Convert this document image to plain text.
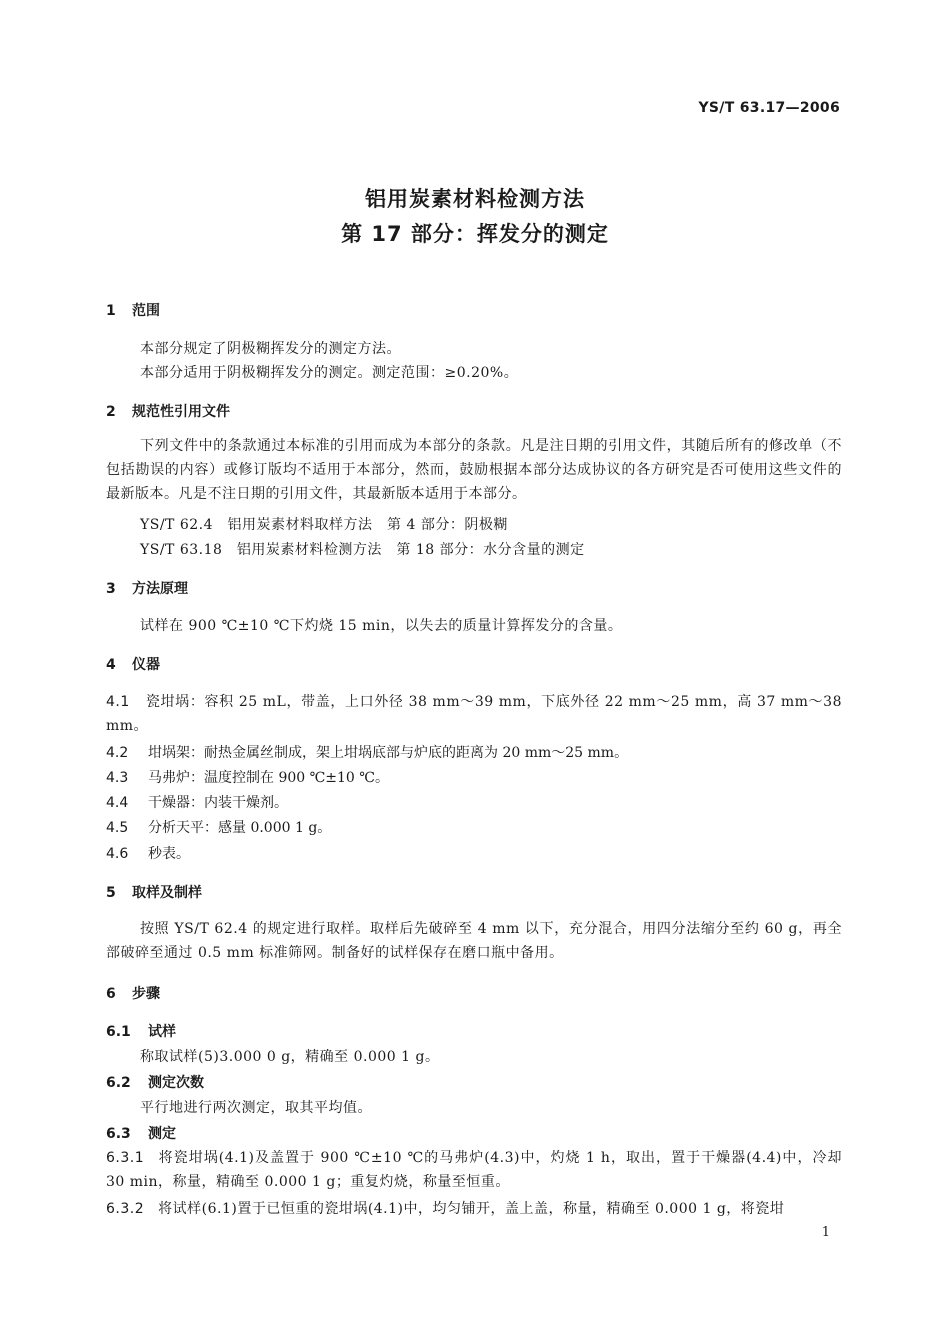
YS/T 63.17—2006
铝用炭素材料检测方法
第 17 部分：挥发分的测定
1 范围
本部分规定了阴极糊挥发分的测定方法。
本部分适用于阴极糊挥发分的测定。测定范围：≥0.20%。
2 规范性引用文件
下列文件中的条款通过本标准的引用而成为本部分的条款。凡是注日期的引用文件，其随后所有的修改单（不包括勘误的内容）或修订版均不适用于本部分，然而，鼓励根据本部分达成协议的各方研究是否可使用这些文件的最新版本。凡是不注日期的引用文件，其最新版本适用于本部分。
YS/T 62.4　铝用炭素材料取样方法　第 4 部分：阴极糊
YS/T 63.18　铝用炭素材料检测方法　第 18 部分：水分含量的测定
3 方法原理
试样在 900 ℃±10 ℃下灼烧 15 min，以失去的质量计算挥发分的含量。
4 仪器
4.1 瓷坩埚：容积 25 mL，带盖，上口外径 38 mm～39 mm，下底外径 22 mm～25 mm，高 37 mm～38 mm。
4.2 坩埚架：耐热金属丝制成，架上坩埚底部与炉底的距离为 20 mm～25 mm。
4.3 马弗炉：温度控制在 900 ℃±10 ℃。
4.4 干燥器：内装干燥剂。
4.5 分析天平：感量 0.000 1 g。
4.6 秒表。
5 取样及制样
按照 YS/T 62.4 的规定进行取样。取样后先破碎至 4 mm 以下，充分混合，用四分法缩分至约 60 g，再全部破碎至通过 0.5 mm 标准筛网。制备好的试样保存在磨口瓶中备用。
6 步骤
6.1 试样
称取试样(5)3.000 0 g，精确至 0.000 1 g。
6.2 测定次数
平行地进行两次测定，取其平均值。
6.3 测定
6.3.1 将瓷坩埚(4.1)及盖置于 900 ℃±10 ℃的马弗炉(4.3)中，灼烧 1 h，取出，置于干燥器(4.4)中，冷却 30 min，称量，精确至 0.000 1 g；重复灼烧，称量至恒重。
6.3.2 将试样(6.1)置于已恒重的瓷坩埚(4.1)中，均匀铺开，盖上盖，称量，精确至 0.000 1 g，将瓷坩
1
